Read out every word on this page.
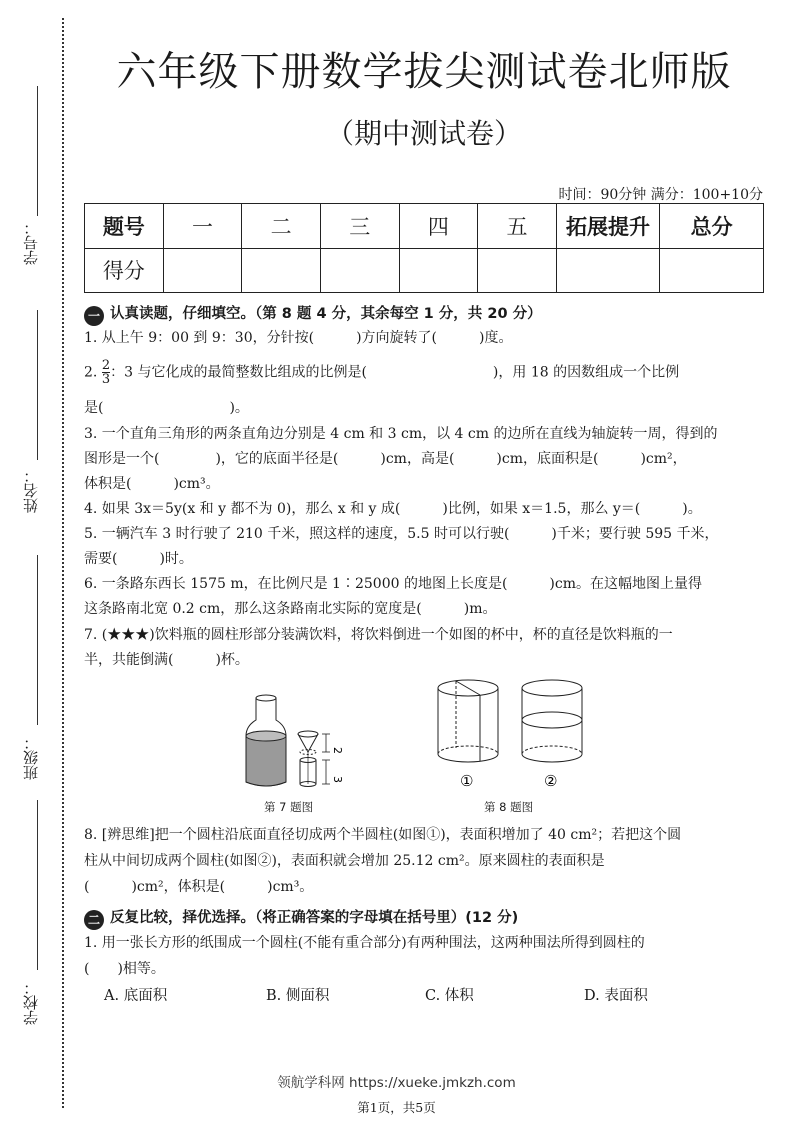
学号：
姓名：
班级：
学校：
六年级下册数学拔尖测试卷北师版
（期中测试卷）
时间：90分钟 满分：100+10分
题号	一	二	三	四	五	拓展提升	总分
得分							
一 认真读题，仔细填空。（第 8 题 4 分，其余每空 1 分，共 20 分）
1. 从上午 9：00 到 9：30，分针按(　　　)方向旋转了(　　　)度。
2. $\frac{2}{3}$ ：3 与它化成的最简整数比组成的比例是(　　　　　　　　　)，用 18 的因数组成一个比例
是(　　　　　　　　　)。
3. 一个直角三角形的两条直角边分别是 4 cm 和 3 cm，以 4 cm 的边所在直线为轴旋转一周，得到的
图形是一个(　　　　)，它的底面半径是(　　　)cm，高是(　　　)cm，底面积是(　　　)cm²，
体积是(　　　)cm³。
4. 如果 3x＝5y(x 和 y 都不为 0)，那么 x 和 y 成(　　　)比例，如果 x＝1.5，那么 y＝(　　　)。
5. 一辆汽车 3 时行驶了 210 千米，照这样的速度，5.5 时可以行驶(　　　)千米；要行驶 595 千米，
需要(　　　)时。
6. 一条路东西长 1575 m，在比例尺是 1∶25000 的地图上长度是(　　　)cm。在这幅地图上量得
这条路南北宽 0.2 cm，那么这条路南北实际的宽度是(　　　)m。
7. (★★★)饮料瓶的圆柱形部分装满饮料，将饮料倒进一个如图的杯中，杯的直径是饮料瓶的一
半，共能倒满(　　　)杯。
2
3
第 7 题图
①	②
第 8 题图
8. [辨思维]把一个圆柱沿底面直径切成两个半圆柱(如图①)，表面积增加了 40 cm²；若把这个圆
柱从中间切成两个圆柱(如图②)，表面积就会增加 25.12 cm²。原来圆柱的表面积是
(　　　)cm²，体积是(　　　)cm³。
二 反复比较，择优选择。（将正确答案的字母填在括号里）(12 分)
1. 用一张长方形的纸围成一个圆柱(不能有重合部分)有两种围法，这两种围法所得到圆柱的
(　　)相等。
A. 底面积	B. 侧面积	C. 体积	D. 表面积
领航学科网 https://xueke.jmkzh.com
第1页，共5页
